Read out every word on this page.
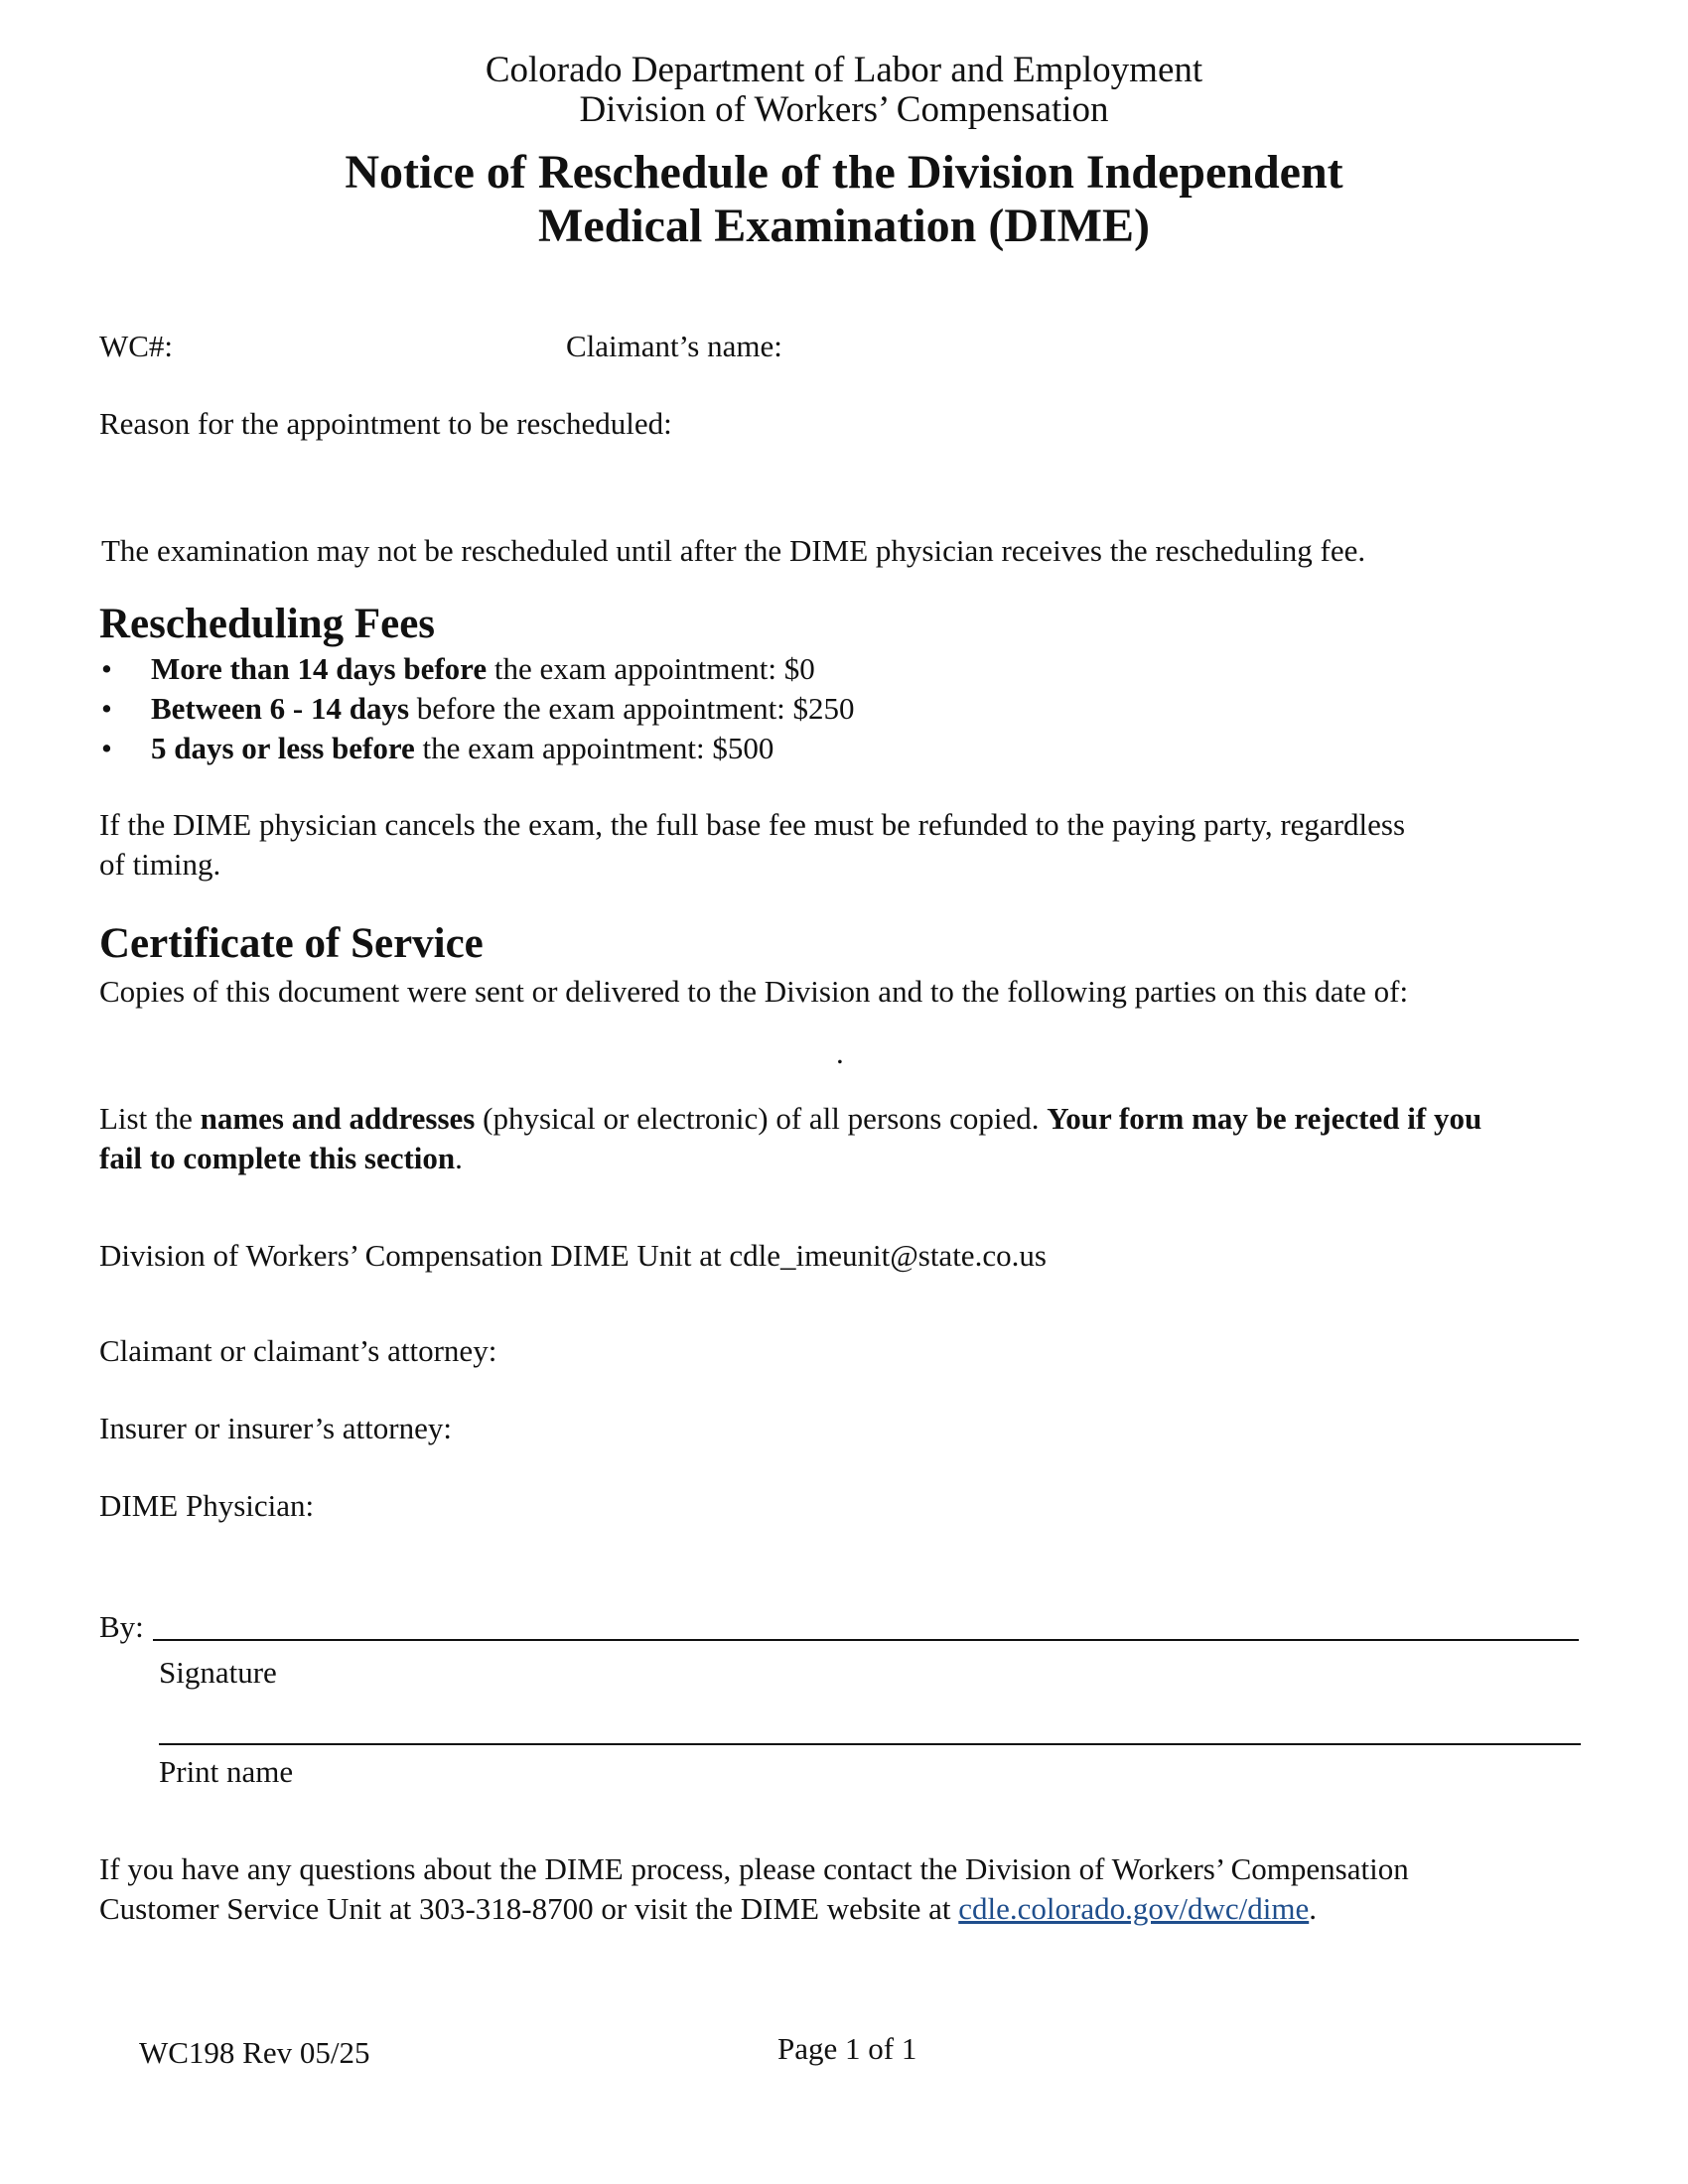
Colorado Department of Labor and Employment
Division of Workers’ Compensation
Notice of Reschedule of the Division Independent
Medical Examination (DIME)
WC#:	Claimant’s name:
Reason for the appointment to be rescheduled:
The examination may not be rescheduled until after the DIME physician receives the rescheduling fee.
Rescheduling Fees
• More than 14 days before the exam appointment: $0
• Between 6 - 14 days before the exam appointment: $250
• 5 days or less before the exam appointment: $500
If the DIME physician cancels the exam, the full base fee must be refunded to the paying party, regardless
of timing.
Certificate of Service
Copies of this document were sent or delivered to the Division and to the following parties on this date of:
.
List the names and addresses (physical or electronic) of all persons copied. Your form may be rejected if you
fail to complete this section.
Division of Workers’ Compensation DIME Unit at cdle_imeunit@state.co.us
Claimant or claimant’s attorney:
Insurer or insurer’s attorney:
DIME Physician:
By:
Signature
Print name
If you have any questions about the DIME process, please contact the Division of Workers’ Compensation
Customer Service Unit at 303-318-8700 or visit the DIME website at cdle.colorado.gov/dwc/dime.
WC198 Rev 05/25	Page 1 of 1
